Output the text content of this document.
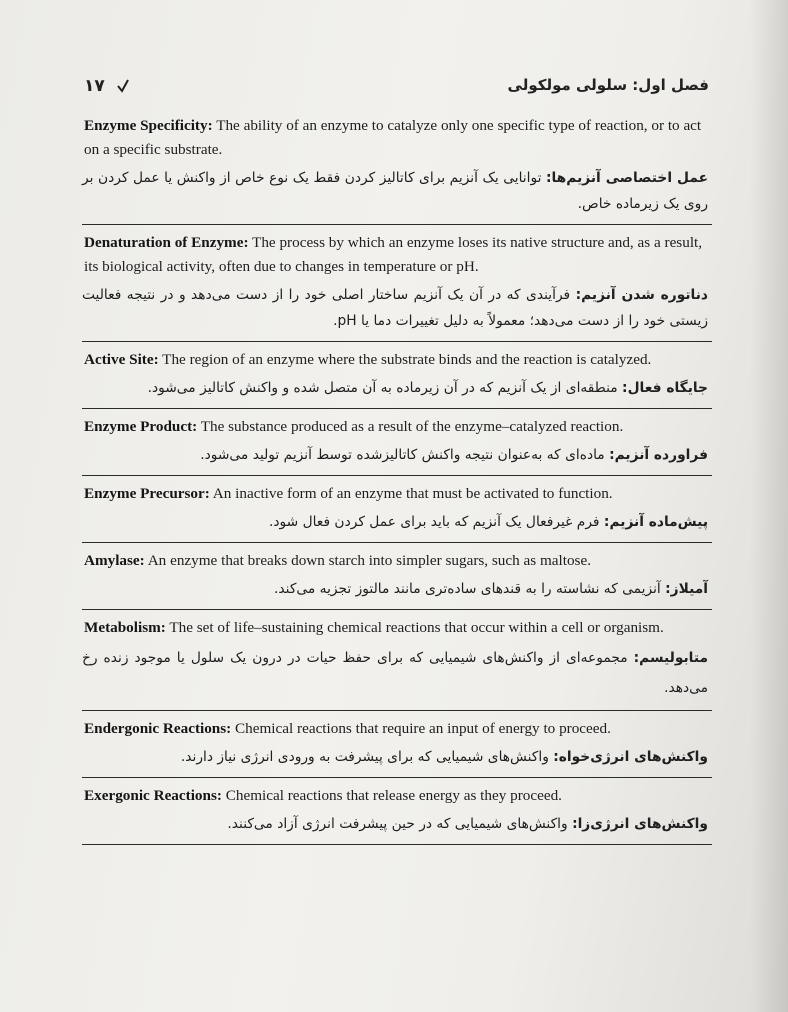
۱۷	فصل اول: سلولی مولکولی
Enzyme Specificity: The ability of an enzyme to catalyze only one specific type of reaction, or to act on a specific substrate.
عمل اختصاصی آنزیم‌ها: توانایی یک آنزیم برای کاتالیز کردن فقط یک نوع خاص از واکنش یا عمل کردن بر روی یک زیرماده خاص.
Denaturation of Enzyme: The process by which an enzyme loses its native structure and, as a result, its biological activity, often due to changes in temperature or pH.
دناتوره شدن آنزیم: فرآیندی که در آن یک آنزیم ساختار اصلی خود را از دست می‌دهد و در نتیجه فعالیت زیستی خود را از دست می‌دهد؛ معمولاً به دلیل تغییرات دما یا pH.
Active Site: The region of an enzyme where the substrate binds and the reaction is catalyzed.
جایگاه فعال: منطقه‌ای از یک آنزیم که در آن زیرماده به آن متصل شده و واکنش کاتالیز می‌شود.
Enzyme Product: The substance produced as a result of the enzyme–catalyzed reaction.
فراورده آنزیم: ماده‌ای که به‌عنوان نتیجه واکنش کاتالیزشده توسط آنزیم تولید می‌شود.
Enzyme Precursor: An inactive form of an enzyme that must be activated to function.
پیش‌ماده آنزیم: فرم غیرفعال یک آنزیم که باید برای عمل کردن فعال شود.
Amylase: An enzyme that breaks down starch into simpler sugars, such as maltose.
آمیلاز: آنزیمی که نشاسته را به قندهای ساده‌تری مانند مالتوز تجزیه می‌کند.
Metabolism: The set of life–sustaining chemical reactions that occur within a cell or organism.
متابولیسم: مجموعه‌ای از واکنش‌های شیمیایی که برای حفظ حیات در درون یک سلول یا موجود زنده رخ می‌دهد.
Endergonic Reactions: Chemical reactions that require an input of energy to proceed.
واکنش‌های انرژی‌خواه: واکنش‌های شیمیایی که برای پیشرفت به ورودی انرژی نیاز دارند.
Exergonic Reactions: Chemical reactions that release energy as they proceed.
واکنش‌های انرژی‌زا: واکنش‌های شیمیایی که در حین پیشرفت انرژی آزاد می‌کنند.
